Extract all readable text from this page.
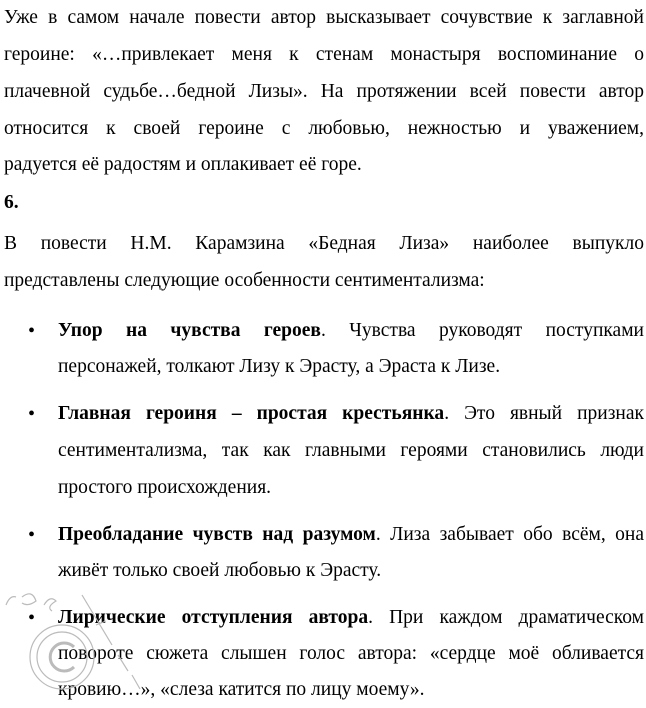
Уже в самом начале повести автор высказывает сочувствие к заглавной
героине: «…привлекает меня к стенам монастыря воспоминание о
плачевной судьбе…бедной Лизы». На протяжении всей повести автор
относится к своей героине с любовью, нежностью и уважением,
радуется её радостям и оплакивает её горе.
6.
В повести Н.М. Карамзина «Бедная Лиза» наиболее выпукло
представлены следующие особенности сентиментализма:
• Упор на чувства героев. Чувства руководят поступками
персонажей, толкают Лизу к Эрасту, а Эраста к Лизе.
• Главная героиня – простая крестьянка. Это явный признак
сентиментализма, так как главными героями становились люди
простого происхождения.
• Преобладание чувств над разумом. Лиза забывает обо всём, она
живёт только своей любовью к Эрасту.
• Лирические отступления автора. При каждом драматическом
повороте сюжета слышен голос автора: «сердце моё обливается
кровию…», «слеза катится по лицу моему».
